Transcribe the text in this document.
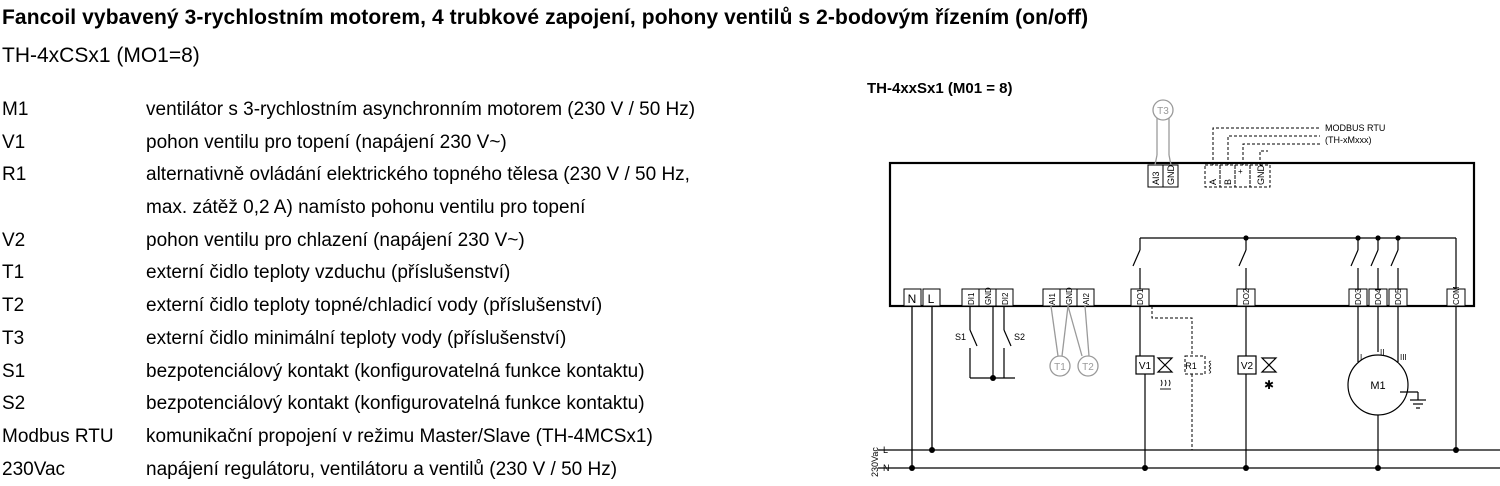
Fancoil vybavený 3-rychlostním motorem, 4 trubkové zapojení, pohony ventilů s 2-bodovým řízením (on/off)
TH-4xCSx1 (MO1=8)
M1	ventilátor s 3-rychlostním asynchronním motorem (230 V / 50 Hz)
V1	pohon ventilu pro topení (napájení 230 V~)
R1	alternativně ovládání elektrického topného tělesa (230 V / 50 Hz,
max. zátěž 0,2 A) namísto pohonu ventilu pro topení
V2	pohon ventilu pro chlazení (napájení 230 V~)
T1	externí čidlo teploty vzduchu (příslušenství)
T2	externí čidlo teploty topné/chladicí vody (příslušenství)
T3	externí čidlo minimální teploty vody (příslušenství)
S1	bezpotenciálový kontakt (konfigurovatelná funkce kontaktu)
S2	bezpotenciálový kontakt (konfigurovatelná funkce kontaktu)
Modbus RTU	komunikační propojení v režimu Master/Slave (TH-4MCSx1)
230Vac	napájení regulátoru, ventilátoru a ventilů (230 V / 50 Hz)
TH-4xxSx1 (M01 = 8)
AI3 GND	A B
+ GND
T3
MODBUS RTU
(TH-xMxxx)
N L	DI1 GND DI2	AI1 GND AI2	DO1	DO2	DO3 DO4 DO5	COM
230Vac L
N
S1	S2
T1 T2	V1	R1 ⸾	V2
✱	M1
I
II
III
